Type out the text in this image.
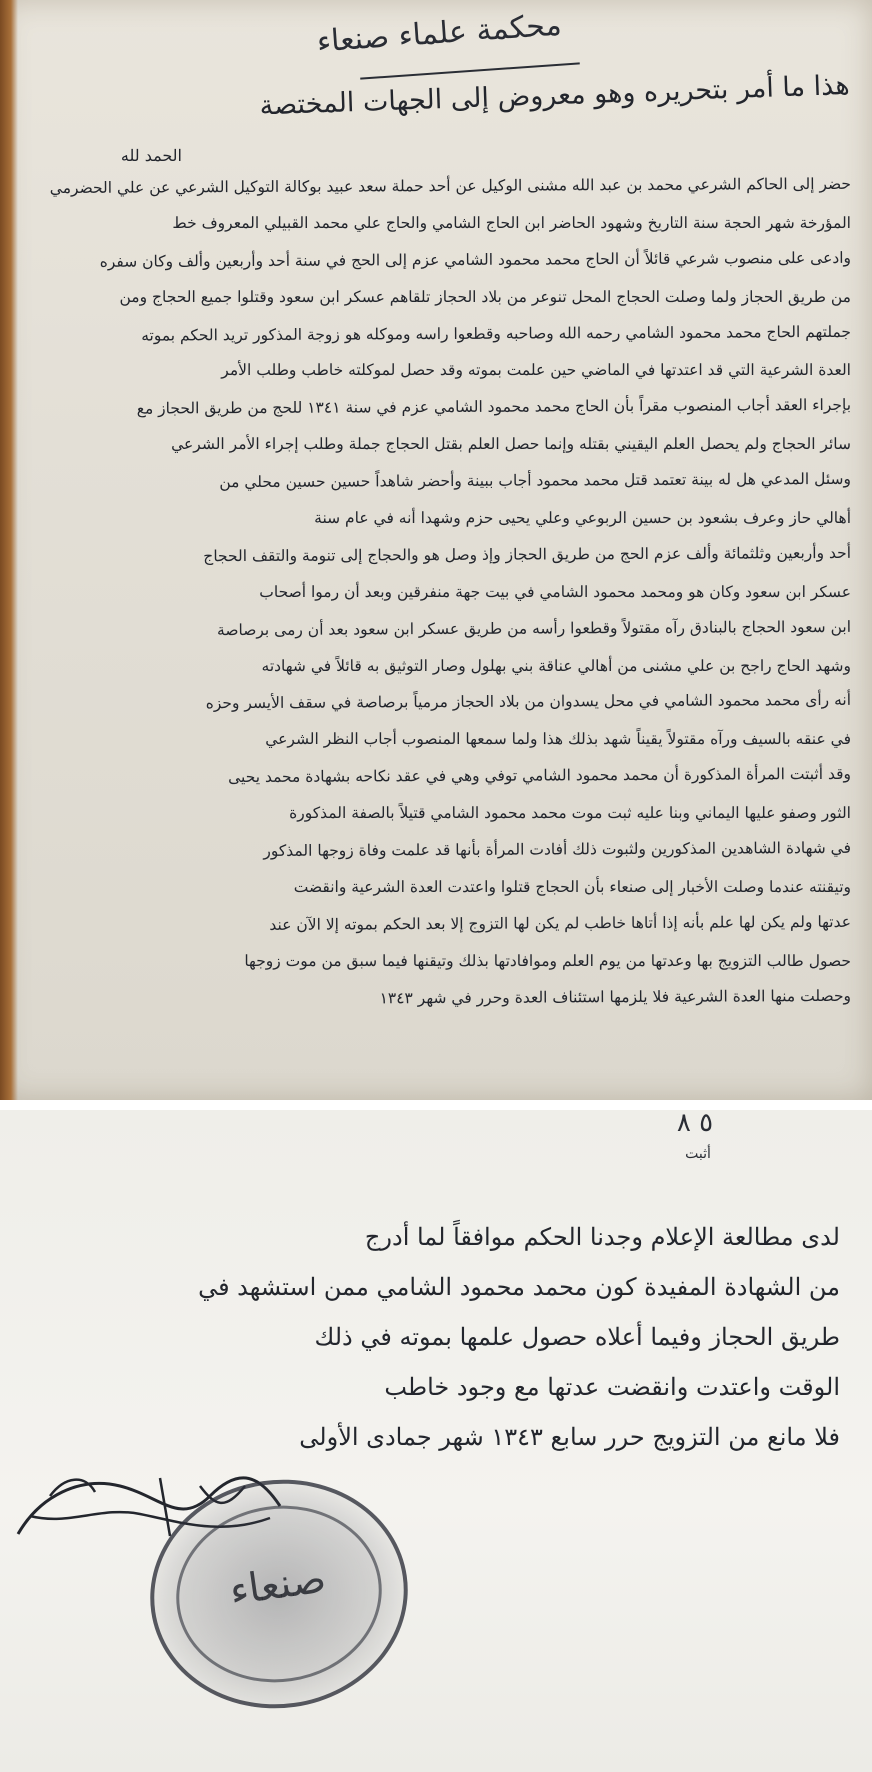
محكمة علماء صنعاء
هذا ما أمر بتحريره وهو معروض إلى الجهات المختصة
الحمد لله
حضر إلى الحاكم الشرعي محمد بن عبد الله مشنى الوكيل عن أحد حملة سعد عبيد بوكالة التوكيل الشرعي عن علي الحضرمي
المؤرخة شهر الحجة سنة التاريخ وشهود الحاضر ابن الحاج الشامي والحاج علي محمد القبيلي المعروف خط
وادعى على منصوب شرعي قائلاً أن الحاج محمد محمود الشامي عزم إلى الحج في سنة أحد وأربعين وألف وكان سفره
من طريق الحجاز ولما وصلت الحجاج المحل تنوعر من بلاد الحجاز تلقاهم عسكر ابن سعود وقتلوا جميع الحجاج ومن
جملتهم الحاج محمد محمود الشامي رحمه الله وصاحبه وقطعوا راسه وموكله هو زوجة المذكور تريد الحكم بموته
العدة الشرعية التي قد اعتدتها في الماضي حين علمت بموته وقد حصل لموكلته خاطب وطلب الأمر
بإجراء العقد أجاب المنصوب مقراً بأن الحاج محمد محمود الشامي عزم في سنة ١٣٤١ للحج من طريق الحجاز مع
سائر الحجاج ولم يحصل العلم اليقيني بقتله وإنما حصل العلم بقتل الحجاج جملة وطلب إجراء الأمر الشرعي
وسئل المدعي هل له بينة تعتمد قتل محمد محمود أجاب ببينة وأحضر شاهداً حسين حسين محلي من
أهالي حاز وعرف بشعود بن حسين الربوعي وعلي يحيى حزم وشهدا أنه في عام سنة
أحد وأربعين وثلثمائة وألف عزم الحج من طريق الحجاز وإذ وصل هو والحجاج إلى تنومة والتقف الحجاج
عسكر ابن سعود وكان هو ومحمد محمود الشامي في بيت جهة منفرقين وبعد أن رموا أصحاب
ابن سعود الحجاج بالبنادق رآه مقتولاً وقطعوا رأسه من طريق عسكر ابن سعود بعد أن رمى برصاصة
وشهد الحاج راجح بن علي مشنى من أهالي عناقة بني بهلول وصار التوثيق به قائلاً في شهادته
أنه رأى محمد محمود الشامي في محل يسدوان من بلاد الحجاز مرمياً برصاصة في سقف الأيسر وحزه
في عنقه بالسيف ورآه مقتولاً يقيناً شهد بذلك هذا ولما سمعها المنصوب أجاب النظر الشرعي
وقد أثبتت المرأة المذكورة أن محمد محمود الشامي توفي وهي في عقد نكاحه بشهادة محمد يحيى
الثور وصفو عليها اليماني وبنا عليه ثبت موت محمد محمود الشامي قتيلاً بالصفة المذكورة
في شهادة الشاهدين المذكورين ولثبوت ذلك أفادت المرأة بأنها قد علمت وفاة زوجها المذكور
وتيقنته عندما وصلت الأخبار إلى صنعاء بأن الحجاج قتلوا واعتدت العدة الشرعية وانقضت
عدتها ولم يكن لها علم بأنه إذا أتاها خاطب لم يكن لها التزوج إلا بعد الحكم بموته إلا الآن عند
حصول طالب التزويج بها وعدتها من يوم العلم وموافادتها بذلك وتيقنها فيما سبق من موت زوجها
وحصلت منها العدة الشرعية فلا يلزمها استئناف العدة وحرر في شهر ١٣٤٣
٥ ٨
أثبت
لدى مطالعة الإعلام وجدنا الحكم موافقاً لما أدرج
من الشهادة المفيدة كون محمد محمود الشامي ممن استشهد في
طريق الحجاز وفيما أعلاه حصول علمها بموته في ذلك
الوقت واعتدت وانقضت عدتها مع وجود خاطب
فلا مانع من التزويج حرر سابع ١٣٤٣ شهر جمادى الأولى
صنعاء
